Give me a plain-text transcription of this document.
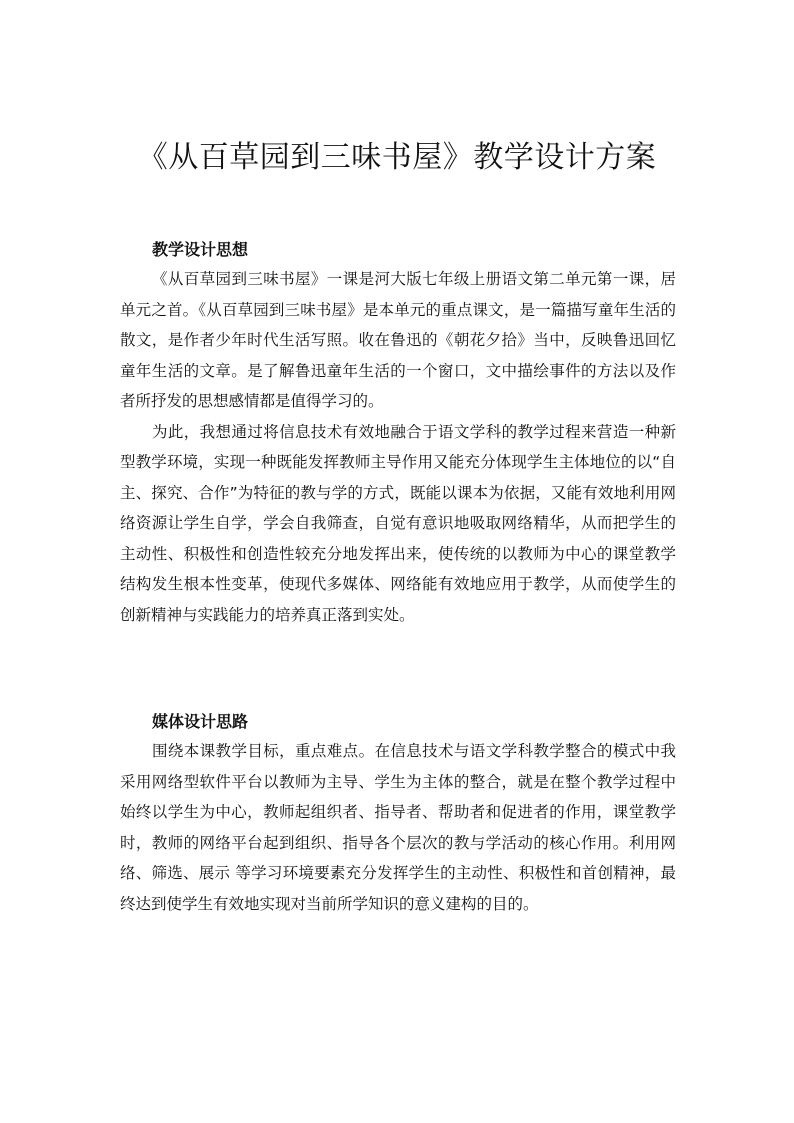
《从百草园到三味书屋》教学设计方案
教学设计思想

《从百草园到三味书屋》一课是河大版七年级上册语文第二单元第一课，居单元之首。《从百草园到三味书屋》是本单元的重点课文，是一篇描写童年生活的散文，是作者少年时代生活写照。收在鲁迅的《朝花夕拾》当中，反映鲁迅回忆童年生活的文章。是了解鲁迅童年生活的一个窗口，文中描绘事件的方法以及作者所抒发的思想感情都是值得学习的。

为此，我想通过将信息技术有效地融合于语文学科的教学过程来营造一种新型教学环境，实现一种既能发挥教师主导作用又能充分体现学生主体地位的以“自主、探究、合作”为特征的教与学的方式，既能以课本为依据，又能有效地利用网络资源让学生自学，学会自我筛查，自觉有意识地吸取网络精华，从而把学生的主动性、积极性和创造性较充分地发挥出来，使传统的以教师为中心的课堂教学结构发生根本性变革，使现代多媒体、网络能有效地应用于教学，从而使学生的创新精神与实践能力的培养真正落到实处。

媒体设计思路

围绕本课教学目标，重点难点。在信息技术与语文学科教学整合的模式中我采用网络型软件平台以教师为主导、学生为主体的整合，就是在整个教学过程中始终以学生为中心，教师起组织者、指导者、帮助者和促进者的作用，课堂教学时，教师的网络平台起到组织、指导各个层次的教与学活动的核心作用。利用网络、筛选、展示 等学习环境要素充分发挥学生的主动性、积极性和首创精神，最终达到使学生有效地实现对当前所学知识的意义建构的目的。
